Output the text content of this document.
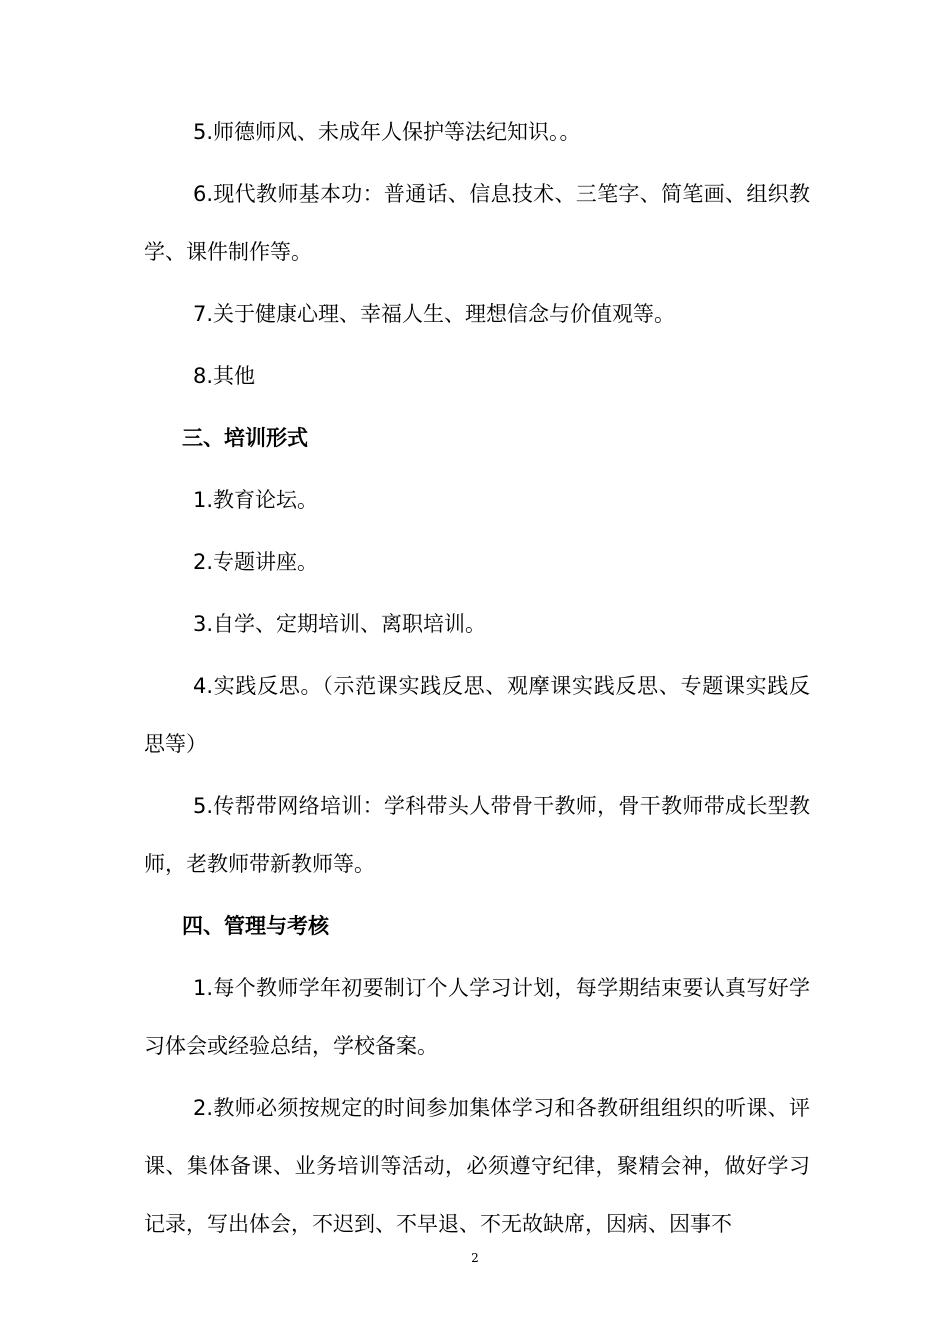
5.师德师风、未成年人保护等法纪知识。。

6.现代教师基本功：普通话、信息技术、三笔字、简笔画、组织教学、课件制作等。

7.关于健康心理、幸福人生、理想信念与价值观等。

8.其他

三、培训形式

1.教育论坛。

2.专题讲座。

3.自学、定期培训、离职培训。

4.实践反思。（示范课实践反思、观摩课实践反思、专题课实践反思等）

5.传帮带网络培训：学科带头人带骨干教师，骨干教师带成长型教师，老教师带新教师等。

四、管理与考核

1.每个教师学年初要制订个人学习计划，每学期结束要认真写好学习体会或经验总结，学校备案。

2.教师必须按规定的时间参加集体学习和各教研组组织的听课、评课、集体备课、业务培训等活动，必须遵守纪律，聚精会神，做好学习记录，写出体会，不迟到、不早退、不无故缺席，因病、因事不

2
